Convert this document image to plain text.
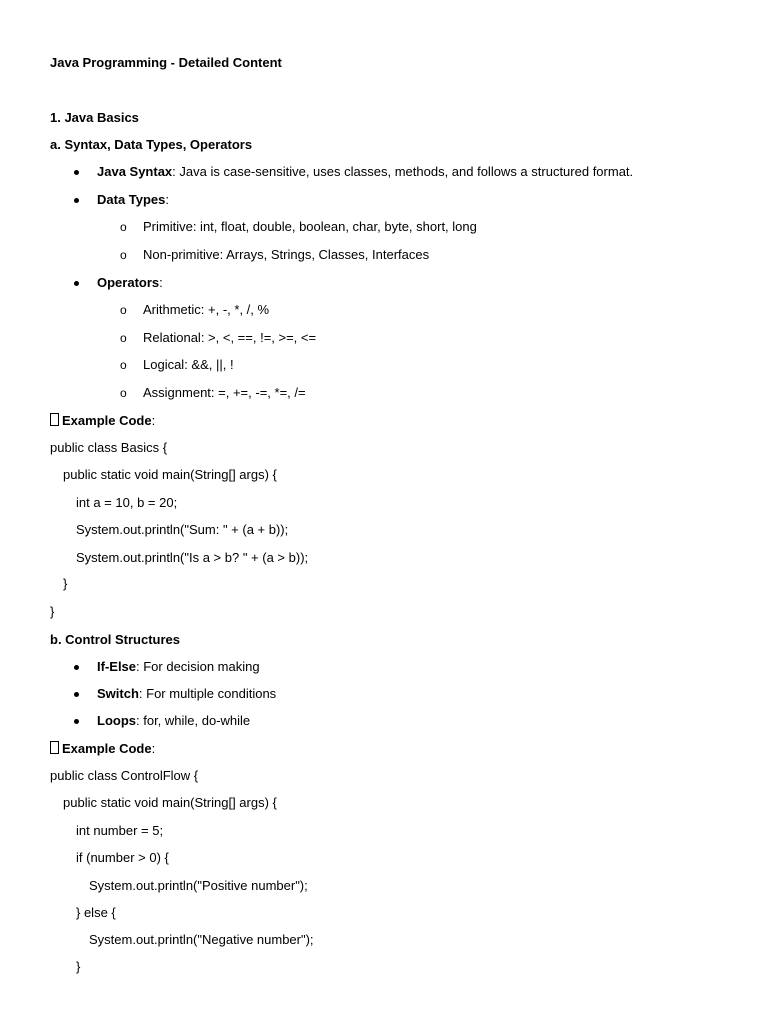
Java Programming - Detailed Content
1. Java Basics
a. Syntax, Data Types, Operators
Java Syntax: Java is case-sensitive, uses classes, methods, and follows a structured format.
Data Types:
o Primitive: int, float, double, boolean, char, byte, short, long
o Non-primitive: Arrays, Strings, Classes, Interfaces
Operators:
o Arithmetic: +, -, *, /, %
o Relational: >, <, ==, !=, >=, <=
o Logical: &&, ||, !
o Assignment: =, +=, -=, *=, /=
Example Code:
public class Basics {
public static void main(String[] args) {
int a = 10, b = 20;
System.out.println("Sum: " + (a + b));
System.out.println("Is a > b? " + (a > b));
}
}
b. Control Structures
If-Else: For decision making
Switch: For multiple conditions
Loops: for, while, do-while
Example Code:
public class ControlFlow {
public static void main(String[] args) {
int number = 5;
if (number > 0) {
System.out.println("Positive number");
} else {
System.out.println("Negative number");
}
